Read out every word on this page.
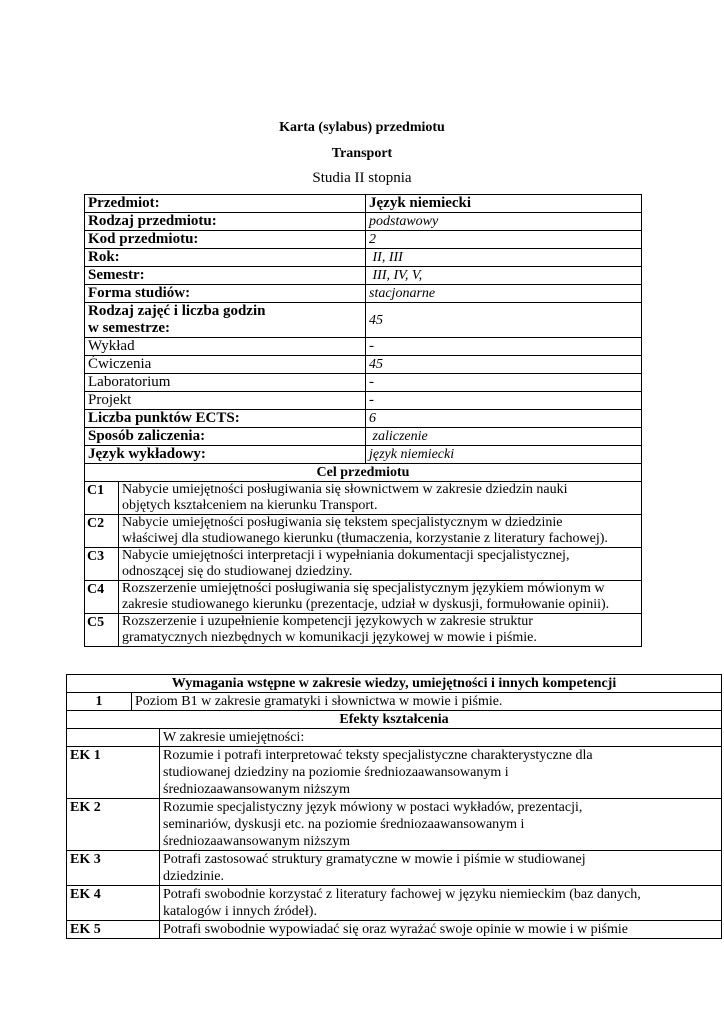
Karta (sylabus) przedmiotu
Transport
Studia II stopnia
Przedmiot:	Język niemiecki
Rodzaj przedmiotu:	podstawowy
Kod przedmiotu:	2
Rok:	II, III
Semestr:	III, IV, V,
Forma studiów:	stacjonarne

Rodzaj zajęć i liczba godzin
w semestrze:	45
Wykład	-
Ćwiczenia	45
Laboratorium	-
Projekt	-
Liczba punktów ECTS:	6
Sposób zaliczenia:	zaliczenie
Język wykładowy:	język niemiecki

Cel przedmiotu
C1	Nabycie umiejętności posługiwania się słownictwem w zakresie dziedzin nauki
objętych kształceniem na kierunku Transport.

C2	Nabycie umiejętności posługiwania się tekstem specjalistycznym w dziedzinie
właściwej dla studiowanego kierunku (tłumaczenia, korzystanie z literatury fachowej).

C3	Nabycie umiejętności interpretacji i wypełniania dokumentacji specjalistycznej,
odnoszącej się do studiowanej dziedziny.

C4	Rozszerzenie umiejętności posługiwania się specjalistycznym językiem mówionym w
zakresie studiowanego kierunku (prezentacje, udział w dyskusji, formułowanie opinii).

C5	Rozszerzenie i uzupełnienie kompetencji językowych w zakresie struktur
gramatycznych niezbędnych w komunikacji językowej w mowie i piśmie.
Wymagania wstępne w zakresie wiedzy, umiejętności i innych kompetencji
1	Poziom B1 w zakresie gramatyki i słownictwa w mowie i piśmie.
Efekty kształcenia

	W zakresie umiejętności:
EK 1	Rozumie i potrafi interpretować teksty specjalistyczne charakterystyczne dla
studiowanej dziedziny na poziomie średniozaawansowanym i
średniozaawansowanym niższym

EK 2	Rozumie specjalistyczny język mówiony w postaci wykładów, prezentacji,
seminariów, dyskusji etc. na poziomie średniozaawansowanym i
średniozaawansowanym niższym

EK 3	Potrafi zastosować struktury gramatyczne w mowie i piśmie w studiowanej
dziedzinie.

EK 4	Potrafi swobodnie korzystać z literatury fachowej w języku niemieckim (baz danych,
katalogów i innych źródeł).

EK 5	Potrafi swobodnie wypowiadać się oraz wyrażać swoje opinie w mowie i w piśmie
